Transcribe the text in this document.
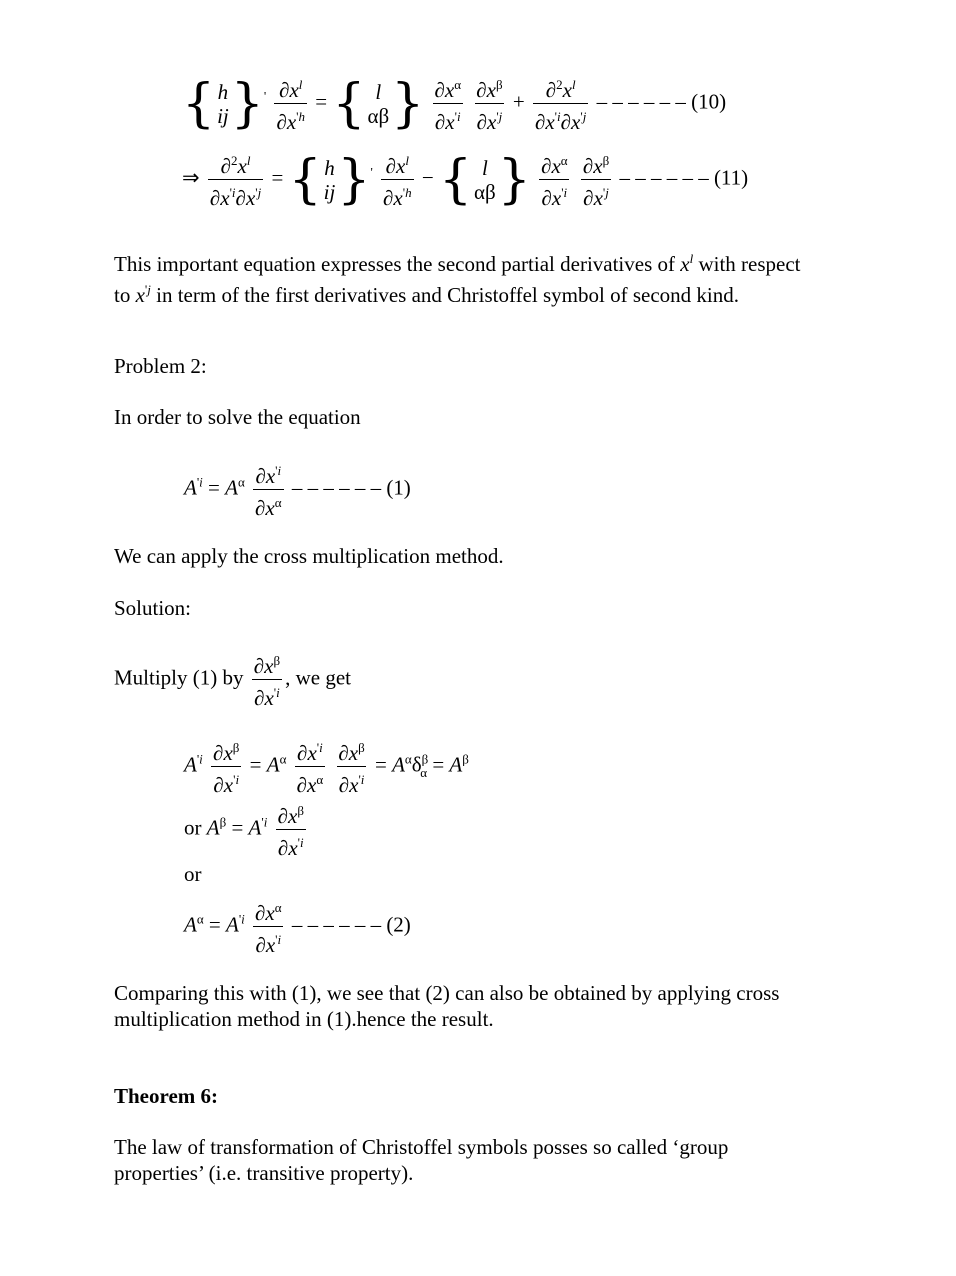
{ h
ij } $' \frac{\partial x^l}{\partial x^{'h}}$ = { l
αβ }
$\frac{\partial x^\alpha}{\partial x^{'i}}$
$\frac{\partial x^\beta}{\partial x^{'j}} + \frac{\partial^2x^l}{\partial x^{'i}\partial x^{'j}}$ – – – – – – (10)
⇒ $\frac{\partial^2x^l}{\partial x^{'i}\partial x^{'j}}$ = { h
ij } $' \frac{\partial x^l}{\partial x^{'h}}$ − { l
αβ }
$\frac{\partial x^\alpha}{\partial x^{'i}}$
$\frac{\partial x^\beta}{\partial x^{'j}}$ – – – – – – (11)
This important equation expresses the second partial derivatives of $x^l$ with respect to $x^{'j}$ in term of the first derivatives and Christoffel symbol of second kind.
Problem 2:
In order to solve the equation
$A^{'i} = A^\alpha \frac{\partial x^{'i}}{\partial x^\alpha}$ – – – – – – (1)
We can apply the cross multiplication method.
Solution:
Multiply (1) by $\frac{\partial x^\beta}{\partial x^{'i}}$ , we get
$A^{'i} \frac{\partial x^\beta}{\partial x^{'i}} = A^\alpha \frac{\partial x^{'i}}{\partial x^\alpha}$
$\frac{\partial x^\beta}{\partial x^{'i}} = A^\alpha\delta^\beta_\alpha = A^\beta$
or $A^\beta = A^{'i} \frac{\partial x^\beta}{\partial x^{'i}}$
or
$A^\alpha = A^{'i} \frac{\partial x^\alpha}{\partial x^{'i}}$ – – – – – – (2)
Comparing this with (1), we see that (2) can also be obtained by applying cross multiplication method in (1).hence the result.
Theorem 6:
The law of transformation of Christoffel symbols posses so called ‘group properties’ (i.e. transitive property).
